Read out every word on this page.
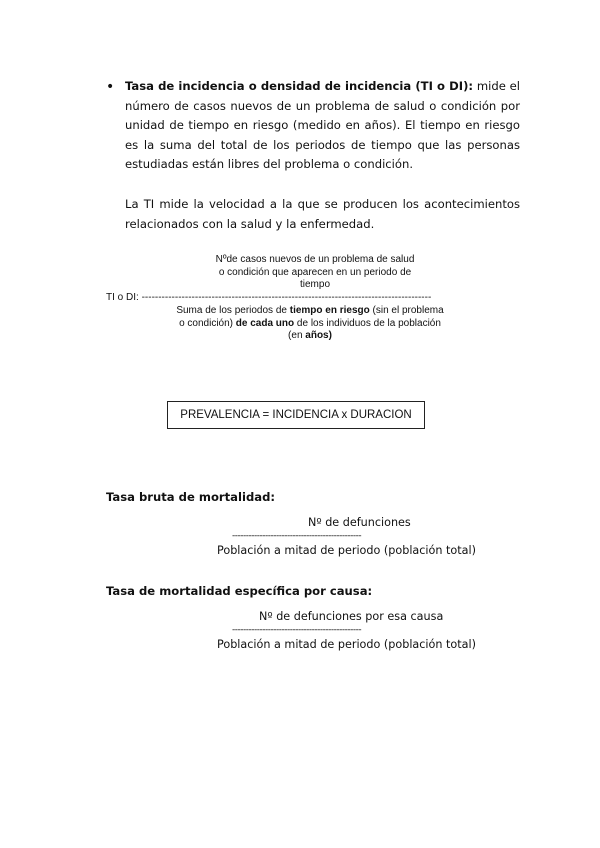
• Tasa de incidencia o densidad de incidencia (TI o DI): mide el número de casos nuevos de un problema de salud o condición por unidad de tiempo en riesgo (medido en años). El tiempo en riesgo es la suma del total de los periodos de tiempo que las personas estudiadas están libres del problema o condición.
La TI mide la velocidad a la que se producen los acontecimientos relacionados con la salud y la enfermedad.
Nºde casos nuevos de un problema de salud
o condición que aparecen en un periodo de
tiempo
TI o DI: ---------------------------------------------------------------------------------------
Suma de los periodos de tiempo en riesgo (sin el problema
o condición) de cada uno de los individuos de la población
(en años)
PREVALENCIA = INCIDENCIA x DURACION
Tasa bruta de mortalidad:
Nº de defunciones
-----------------------------------------------
Población a mitad de periodo (población total)
Tasa de mortalidad específica por causa:
Nº de defunciones por esa causa
-----------------------------------------------
Población a mitad de periodo (población total)
